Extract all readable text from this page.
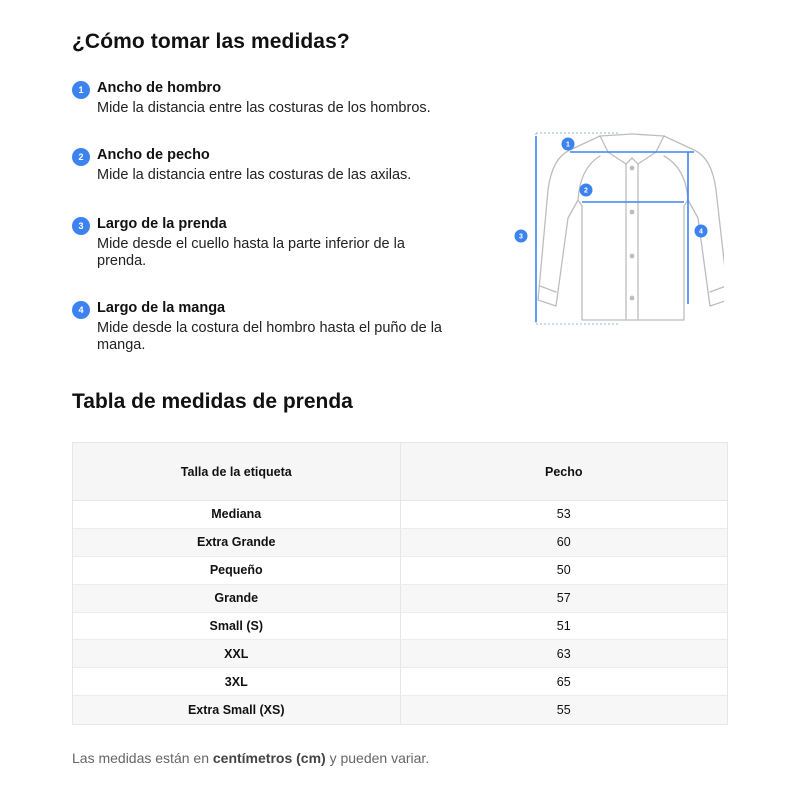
¿Cómo tomar las medidas?
1 Ancho de hombro
Mide la distancia entre las costuras de los hombros.
2 Ancho de pecho
Mide la distancia entre las costuras de las axilas.
3 Largo de la prenda
Mide desde el cuello hasta la parte inferior de la prenda.
4 Largo de la manga
Mide desde la costura del hombro hasta el puño de la manga.
1
2
3
4
Tabla de medidas de prenda
Talla de la etiqueta	Pecho
Mediana	53
Extra Grande	60
Pequeño	50
Grande	57
Small (S)	51
XXL	63
3XL	65
Extra Small (XS)	55
Las medidas están en centímetros (cm) y pueden variar.
